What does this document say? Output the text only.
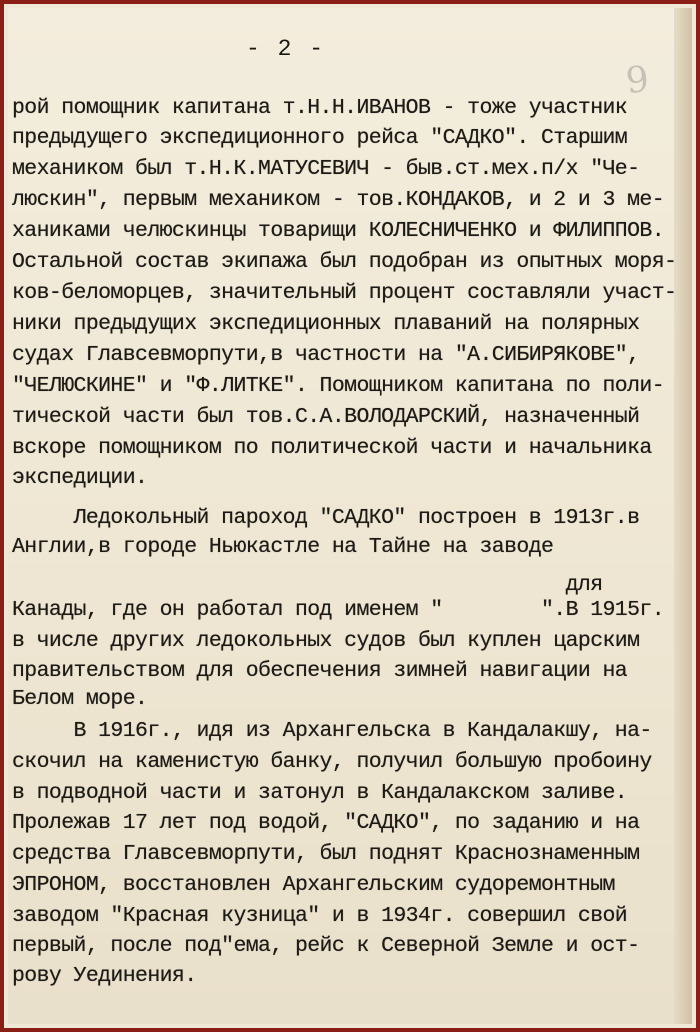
9
- 2 -
рой помощник капитана т.Н.Н.ИВАНОВ - тоже участник
предыдущего экспедиционного рейса "САДКО". Старшим
механиком был т.Н.К.МАТУСЕВИЧ - быв.ст.мех.п/х "Че-
люскин", первым механиком - тов.КОНДАКОВ, и 2 и 3 ме-
ханиками челюскинцы товарищи КОЛЕСНИЧЕНКО и ФИЛИППОВ.
Остальной состав экипажа был подобран из опытных моря-
ков-беломорцев, значительный процент составляли участ-
ники предыдущих экспедиционных плаваний на полярных
судах Главсевморпути,в частности на "А.СИБИРЯКОВЕ",
"ЧЕЛЮСКИНЕ" и "Ф.ЛИТКЕ". Помощником капитана по поли-
тической части был тов.С.А.ВОЛОДАРСКИЙ, назначенный
вскоре помощником по политической части и начальника
экспедиции.
Ледокольный пароход "САДКО" построен в 1913г.в
Англии,в городе Ньюкастле на Тайне на заводе
для
Канады, где он работал под именем "        ".В 1915г.
в числе других ледокольных судов был куплен царским
правительством для обеспечения зимней навигации на
Белом море.
В 1916г., идя из Архангельска в Кандалакшу, на-
скочил на каменистую банку, получил большую пробоину
в подводной части и затонул в Кандалакском заливе.
Пролежав 17 лет под водой, "САДКО", по заданию и на
средства Главсевморпути, был поднят Краснознаменным
ЭПРОНОМ, восстановлен Архангельским судоремонтным
заводом "Красная кузница" и в 1934г. совершил свой
первый, после под"ема, рейс к Северной Земле и ост-
рову Уединения.
